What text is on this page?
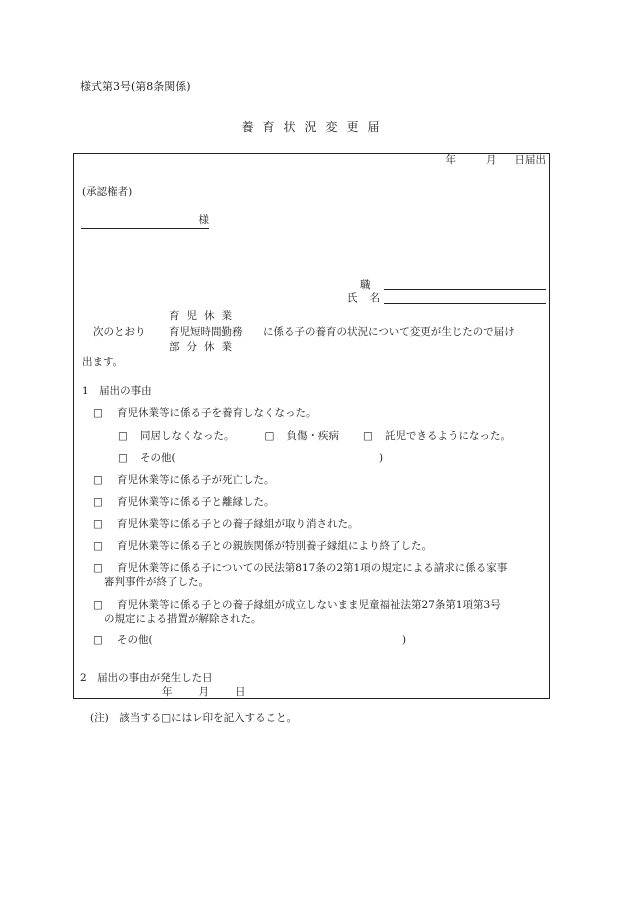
様式第3号(第8条関係)
養育状況変更届
年	月 日届出
(承認権者)
様
職
氏名
育児休業
育児短時間勤務
部分休業
次のとおり	に係る子の養育の状況について変更が生じたので届け
出ます。
1　届出の事由
□ 育児休業等に係る子を養育しなくなった。
□ 同居しなくなった。	□ 負傷・疾病 □ 託児できるようになった。
□ その他(	)
□ 育児休業等に係る子が死亡した。
□ 育児休業等に係る子と離縁した。
□ 育児休業等に係る子との養子縁組が取り消された。
□ 育児休業等に係る子との親族関係が特別養子縁組により終了した。
□ 育児休業等に係る子についての民法第817条の2第1項の規定による請求に係る家事
審判事件が終了した。
□ 育児休業等に係る子との養子縁組が成立しないまま児童福祉法第27条第1項第3号
の規定による措置が解除された。
□ その他(	)
2　届出の事由が発生した日
年 月 日
(注)　該当する□にはレ印を記入すること。
